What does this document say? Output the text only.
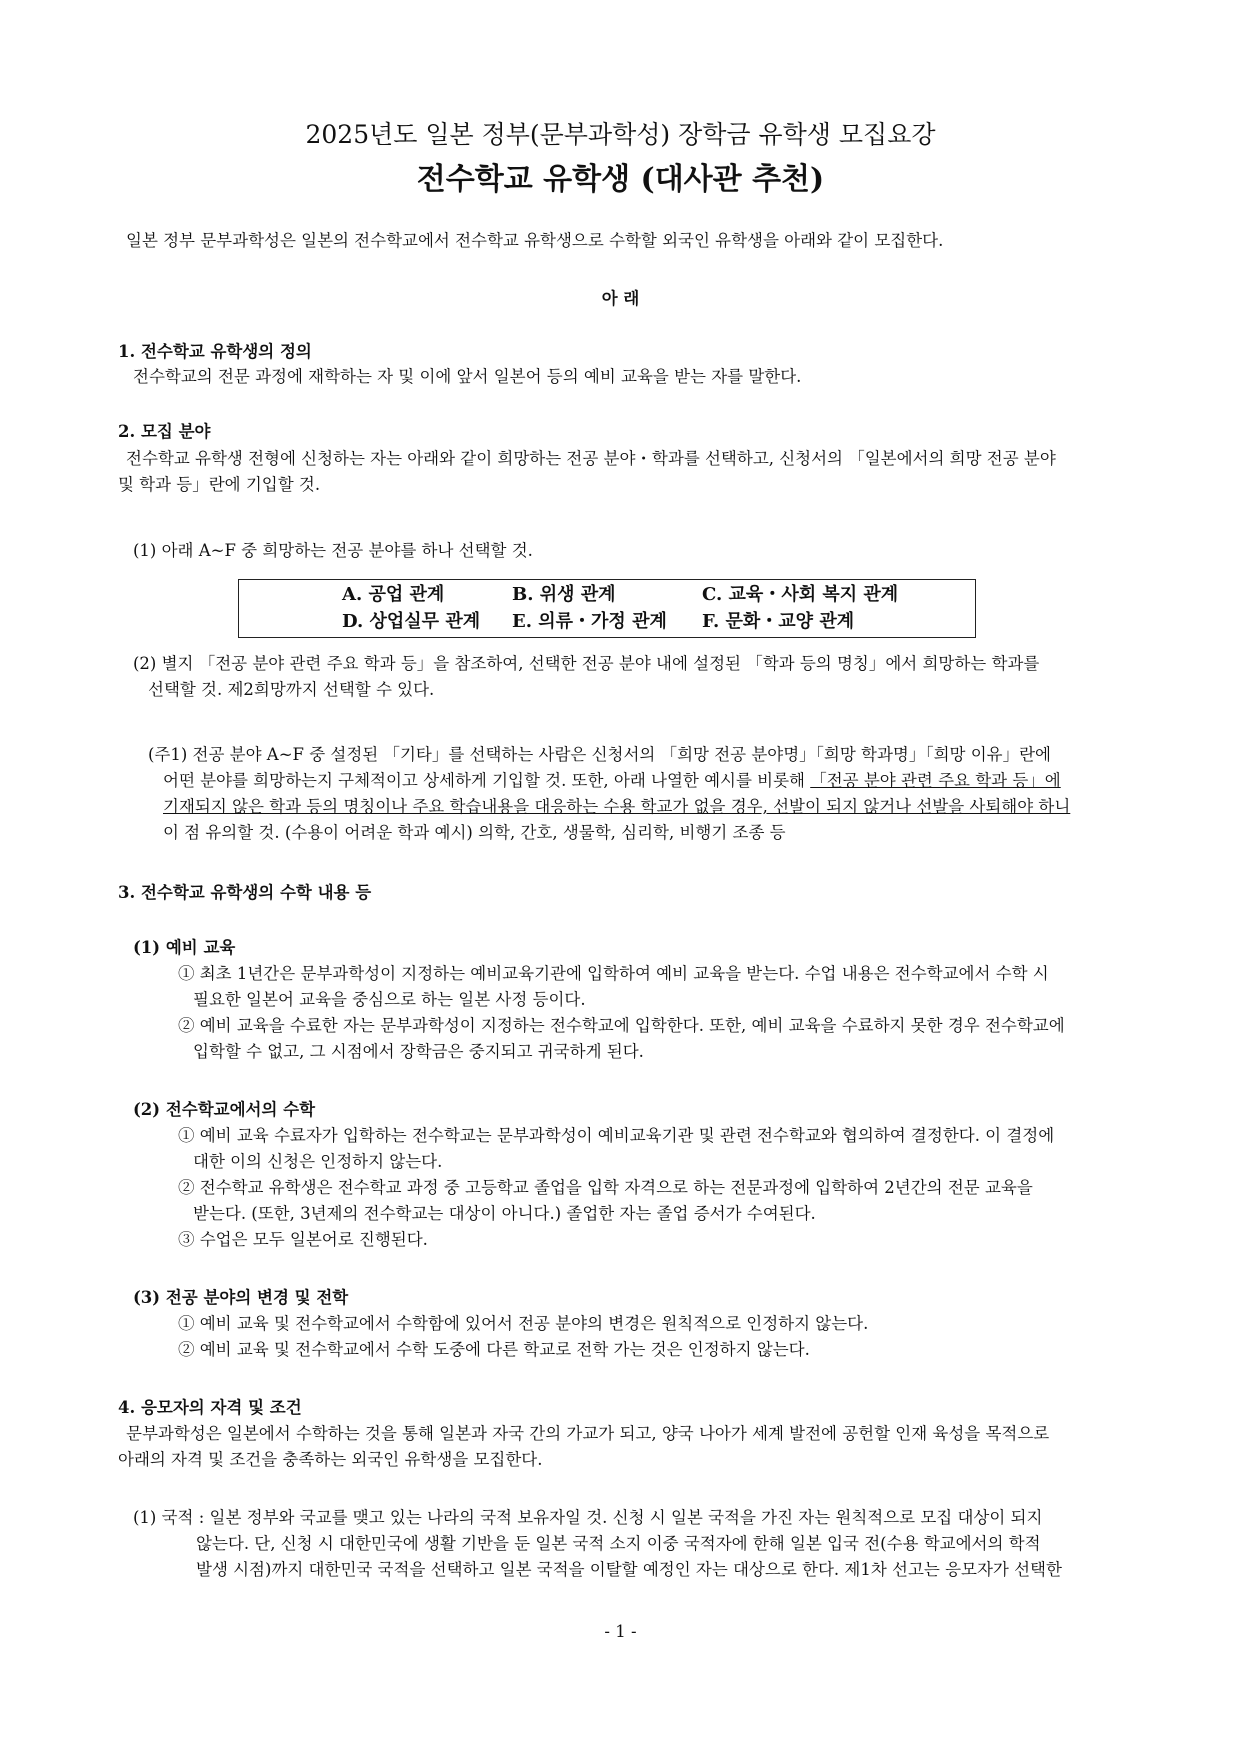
2025년도 일본 정부(문부과학성) 장학금 유학생 모집요강
전수학교 유학생 (대사관 추천)
일본 정부 문부과학성은 일본의 전수학교에서 전수학교 유학생으로 수학할 외국인 유학생을 아래와 같이 모집한다.
아 래
1. 전수학교 유학생의 정의
전수학교의 전문 과정에 재학하는 자 및 이에 앞서 일본어 등의 예비 교육을 받는 자를 말한다.
2. 모집 분야
전수학교 유학생 전형에 신청하는 자는 아래와 같이 희망하는 전공 분야・학과를 선택하고, 신청서의 「일본에서의 희망 전공 분야
및 학과 등」란에 기입할 것.
(1) 아래 A~F 중 희망하는 전공 분야를 하나 선택할 것.
A. 공업 관계	B. 위생 관계	C. 교육・사회 복지 관계
D. 상업실무 관계 E. 의류・가정 관계 F. 문화・교양 관계
(2) 별지 「전공 분야 관련 주요 학과 등」을 참조하여, 선택한 전공 분야 내에 설정된 「학과 등의 명칭」에서 희망하는 학과를
선택할 것. 제2희망까지 선택할 수 있다.
(주1) 전공 분야 A~F 중 설정된 「기타」를 선택하는 사람은 신청서의 「희망 전공 분야명」「희망 학과명」「희망 이유」란에
어떤 분야를 희망하는지 구체적이고 상세하게 기입할 것. 또한, 아래 나열한 예시를 비롯해 「전공 분야 관련 주요 학과 등」에
기재되지 않은 학과 등의 명칭이나 주요 학습내용을 대응하는 수용 학교가 없을 경우, 선발이 되지 않거나 선발을 사퇴해야 하니
이 점 유의할 것. (수용이 어려운 학과 예시) 의학, 간호, 생물학, 심리학, 비행기 조종 등
3. 전수학교 유학생의 수학 내용 등
(1) 예비 교육
① 최초 1년간은 문부과학성이 지정하는 예비교육기관에 입학하여 예비 교육을 받는다. 수업 내용은 전수학교에서 수학 시
필요한 일본어 교육을 중심으로 하는 일본 사정 등이다.
② 예비 교육을 수료한 자는 문부과학성이 지정하는 전수학교에 입학한다. 또한, 예비 교육을 수료하지 못한 경우 전수학교에
입학할 수 없고, 그 시점에서 장학금은 중지되고 귀국하게 된다.
(2) 전수학교에서의 수학
① 예비 교육 수료자가 입학하는 전수학교는 문부과학성이 예비교육기관 및 관련 전수학교와 협의하여 결정한다. 이 결정에
대한 이의 신청은 인정하지 않는다.
② 전수학교 유학생은 전수학교 과정 중 고등학교 졸업을 입학 자격으로 하는 전문과정에 입학하여 2년간의 전문 교육을
받는다. (또한, 3년제의 전수학교는 대상이 아니다.) 졸업한 자는 졸업 증서가 수여된다.
③ 수업은 모두 일본어로 진행된다.
(3) 전공 분야의 변경 및 전학
① 예비 교육 및 전수학교에서 수학함에 있어서 전공 분야의 변경은 원칙적으로 인정하지 않는다.
② 예비 교육 및 전수학교에서 수학 도중에 다른 학교로 전학 가는 것은 인정하지 않는다.
4. 응모자의 자격 및 조건
문부과학성은 일본에서 수학하는 것을 통해 일본과 자국 간의 가교가 되고, 양국 나아가 세계 발전에 공헌할 인재 육성을 목적으로
아래의 자격 및 조건을 충족하는 외국인 유학생을 모집한다.
(1) 국적 : 일본 정부와 국교를 맺고 있는 나라의 국적 보유자일 것. 신청 시 일본 국적을 가진 자는 원칙적으로 모집 대상이 되지
않는다. 단, 신청 시 대한민국에 생활 기반을 둔 일본 국적 소지 이중 국적자에 한해 일본 입국 전(수용 학교에서의 학적
발생 시점)까지 대한민국 국적을 선택하고 일본 국적을 이탈할 예정인 자는 대상으로 한다. 제1차 선고는 응모자가 선택한
- 1 -
